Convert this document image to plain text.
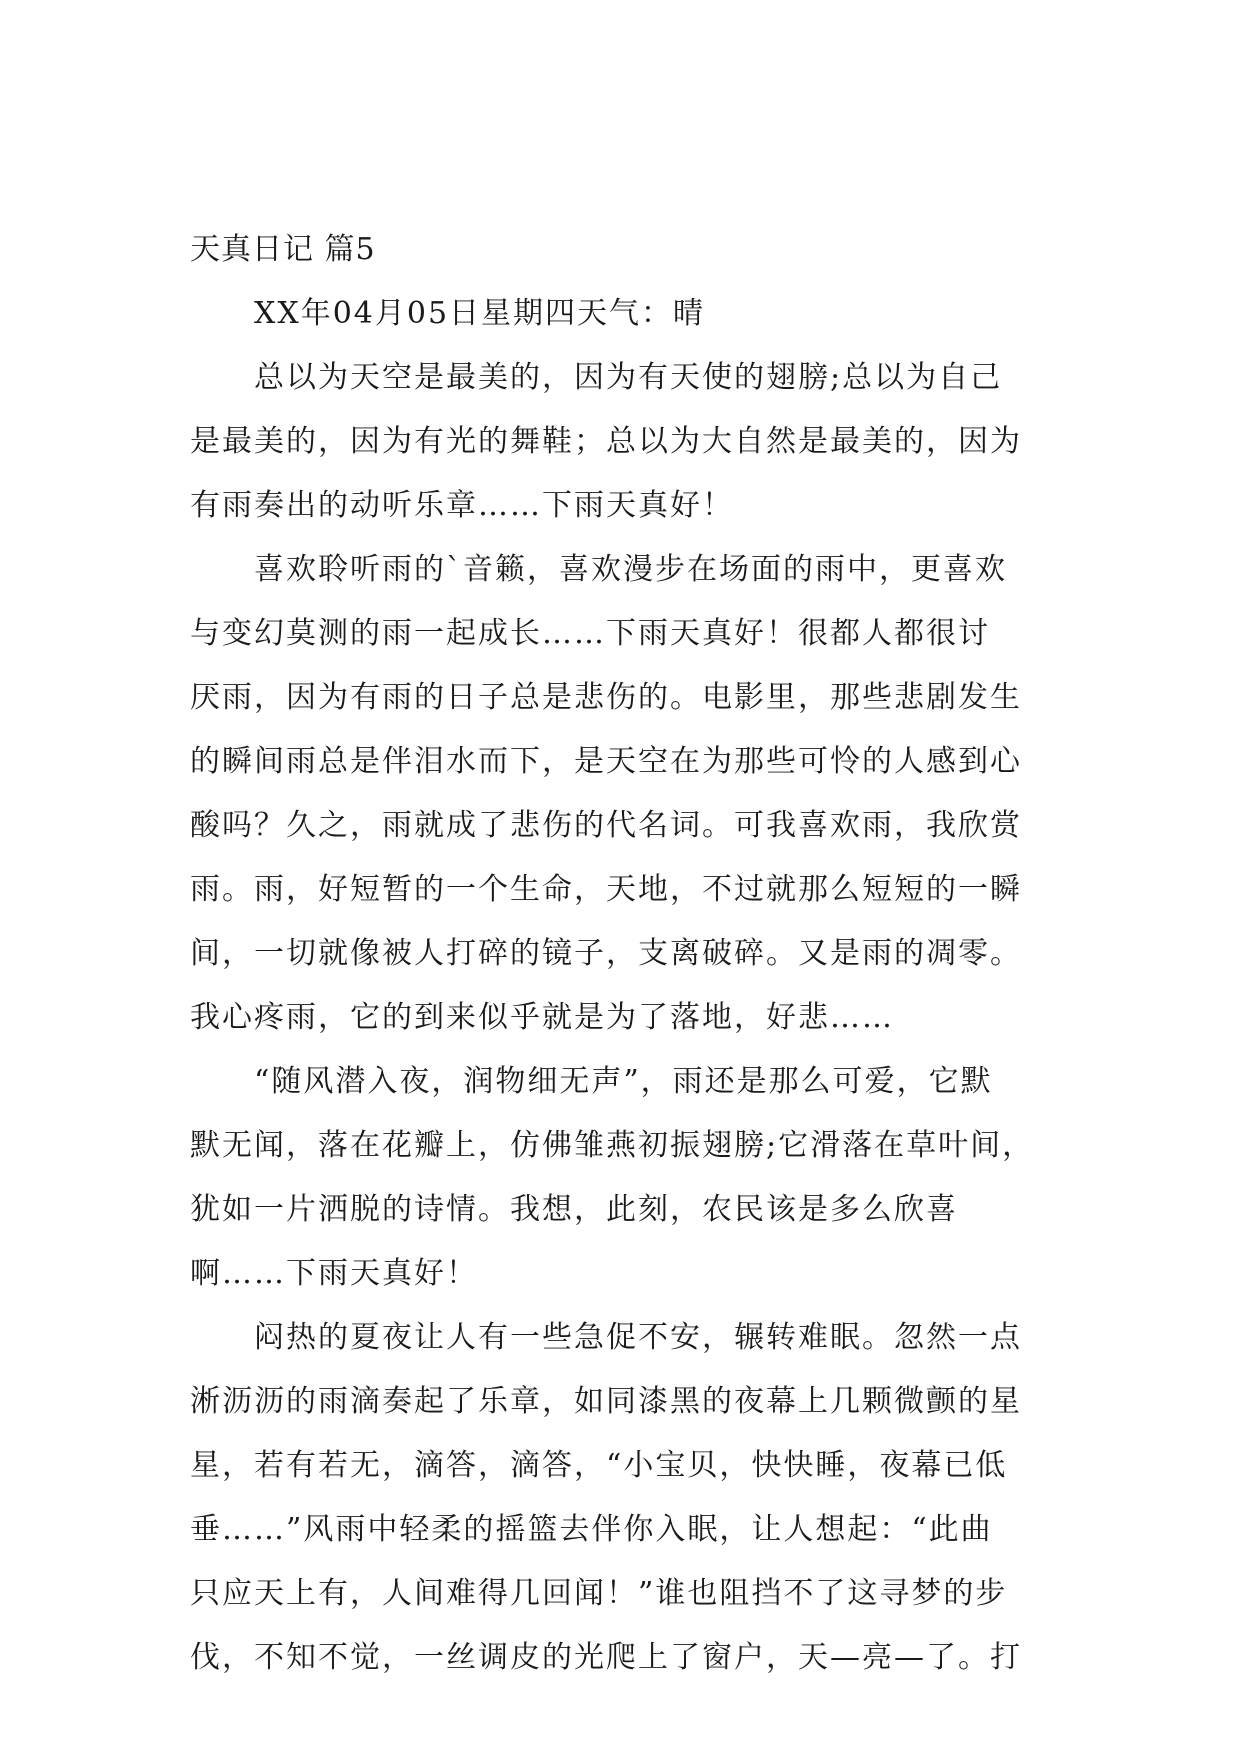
天真日记 篇5
XX年04月05日星期四天气：晴
总以为天空是最美的，因为有天使的翅膀;总以为自己
是最美的，因为有光的舞鞋；总以为大自然是最美的，因为
有雨奏出的动听乐章……下雨天真好！
喜欢聆听雨的`音籁，喜欢漫步在场面的雨中，更喜欢
与变幻莫测的雨一起成长……下雨天真好！很都人都很讨
厌雨，因为有雨的日子总是悲伤的。电影里，那些悲剧发生
的瞬间雨总是伴泪水而下，是天空在为那些可怜的人感到心
酸吗？久之，雨就成了悲伤的代名词。可我喜欢雨，我欣赏
雨。雨，好短暂的一个生命，天地，不过就那么短短的一瞬
间，一切就像被人打碎的镜子，支离破碎。又是雨的凋零。
我心疼雨，它的到来似乎就是为了落地，好悲……
“随风潜入夜，润物细无声”，雨还是那么可爱，它默
默无闻，落在花瓣上，仿佛雏燕初振翅膀;它滑落在草叶间，
犹如一片洒脱的诗情。我想，此刻，农民该是多么欣喜
啊……下雨天真好！
闷热的夏夜让人有一些急促不安，辗转难眠。忽然一点
淅沥沥的雨滴奏起了乐章，如同漆黑的夜幕上几颗微颤的星
星，若有若无，滴答，滴答，“小宝贝，快快睡，夜幕已低
垂……”风雨中轻柔的摇篮去伴你入眠，让人想起：“此曲
只应天上有，人间难得几回闻！”谁也阻挡不了这寻梦的步
伐，不知不觉，一丝调皮的光爬上了窗户，天—亮—了。打
